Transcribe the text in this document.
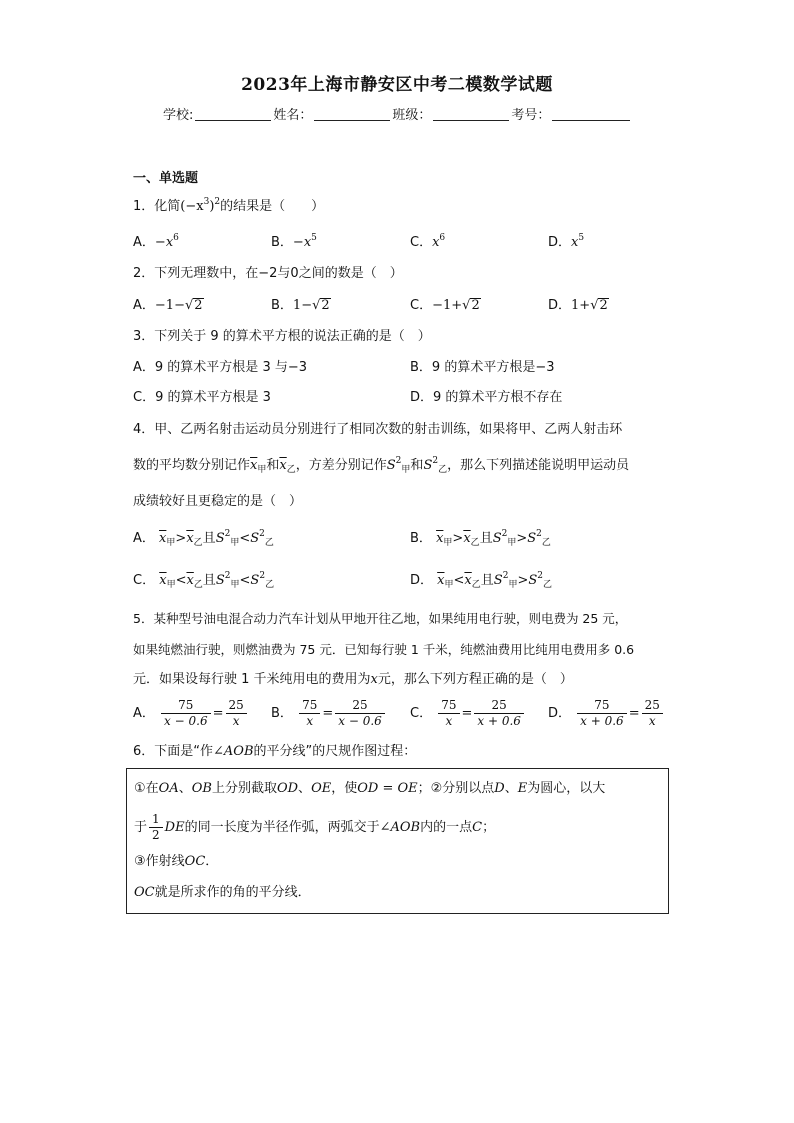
2023年上海市静安区中考二模数学试题
学校:	姓名：	班级：	考号：
一、单选题
1．化简$(-x^3)^2$的结果是（　　）
A．$-x^6$	B．$-x^5$	C．$x^6$	D．$x^5$
2．下列无理数中，在−2与0之间的数是（　）
A．−1−√2	B．1−√2	C．−1+√2	D．1+√2
3．下列关于 9 的算术平方根的说法正确的是（　）
A．9 的算术平方根是 3 与−3	B．9 的算术平方根是−3
C．9 的算术平方根是 3	D．9 的算术平方根不存在
4．甲、乙两名射击运动员分别进行了相同次数的射击训练，如果将甲、乙两人射击环
数的平均数分别记作$\overline{x}_甲$和$\overline{x}_乙$，方差分别记作$S^2_甲$和$S^2_乙$，那么下列描述能说明甲运动员
成绩较好且更稳定的是（　）
A． $\overline{x}_甲>\overline{x}_乙$且$S^2_甲<S^2_乙$	B． $\overline{x}_甲>\overline{x}_乙$且$S^2_甲>S^2_乙$
C． $\overline{x}_甲<\overline{x}_乙$且$S^2_甲<S^2_乙$	D． $\overline{x}_甲<\overline{x}_乙$且$S^2_甲>S^2_乙$
5．某种型号油电混合动力汽车计划从甲地开往乙地，如果纯用电行驶，则电费为 25 元，
如果纯燃油行驶，则燃油费为 75 元．已知每行驶 1 千米，纯燃油费用比纯用电费用多 0.6
元．如果设每行驶 1 千米纯用电的费用为x元，那么下列方程正确的是（　）
A． $\frac{75}{x - 0.6} = \frac{25}{x}$ B． $\frac{75}{x} = \frac{25}{x - 0.6}$ C． $\frac{75}{x} = \frac{25}{x + 0.6}$ D． $\frac{75}{x + 0.6} = \frac{25}{x}$
6．下面是“作∠AOB的平分线”的尺规作图过程：
①在OA、OB上分别截取OD、OE，使OD = OE；②分别以点D、E为圆心，以大
于 $\frac{1}{2}$ DE的同一长度为半径作弧，两弧交于∠AOB内的一点C；
③作射线OC．
OC就是所求作的角的平分线．
